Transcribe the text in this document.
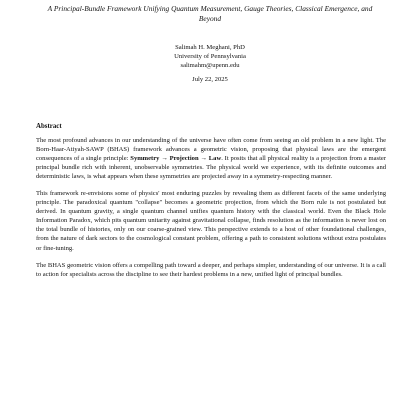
A Principal-Bundle Framework Unifying Quantum Measurement, Gauge Theories, Classical Emergence, and Beyond
Salimah H. Meghani, PhD
University of Pennsylvania
salimahm@upenn.edu
July 22, 2025
Abstract

The most profound advances in our understanding of the universe have often come from seeing an old problem in a new light. The Born-Haar-Atiyah-SAWP (BHAS) framework advances a geometric vision, proposing that physical laws are the emergent consequences of a single principle: Symmetry → Projection → Law. It posits that all physical reality is a projection from a master principal bundle rich with inherent, unobservable symmetries. The physical world we experience, with its definite outcomes and deterministic laws, is what appears when these symmetries are projected away in a symmetry-respecting manner.

This framework re-envisions some of physics' most enduring puzzles by revealing them as different facets of the same underlying principle. The paradoxical quantum "collapse" becomes a geometric projection, from which the Born rule is not postulated but derived. In quantum gravity, a single quantum channel unifies quantum history with the classical world. Even the Black Hole Information Paradox, which pits quantum unitarity against gravitational collapse, finds resolution as the information is never lost on the total bundle of histories, only on our coarse-grained view. This perspective extends to a host of other foundational challenges, from the nature of dark sectors to the cosmological constant problem, offering a path to consistent solutions without extra postulates or fine-tuning.

The BHAS geometric vision offers a compelling path toward a deeper, and perhaps simpler, understanding of our universe. It is a call to action for specialists across the discipline to see their hardest problems in a new, unified light of principal bundles.
